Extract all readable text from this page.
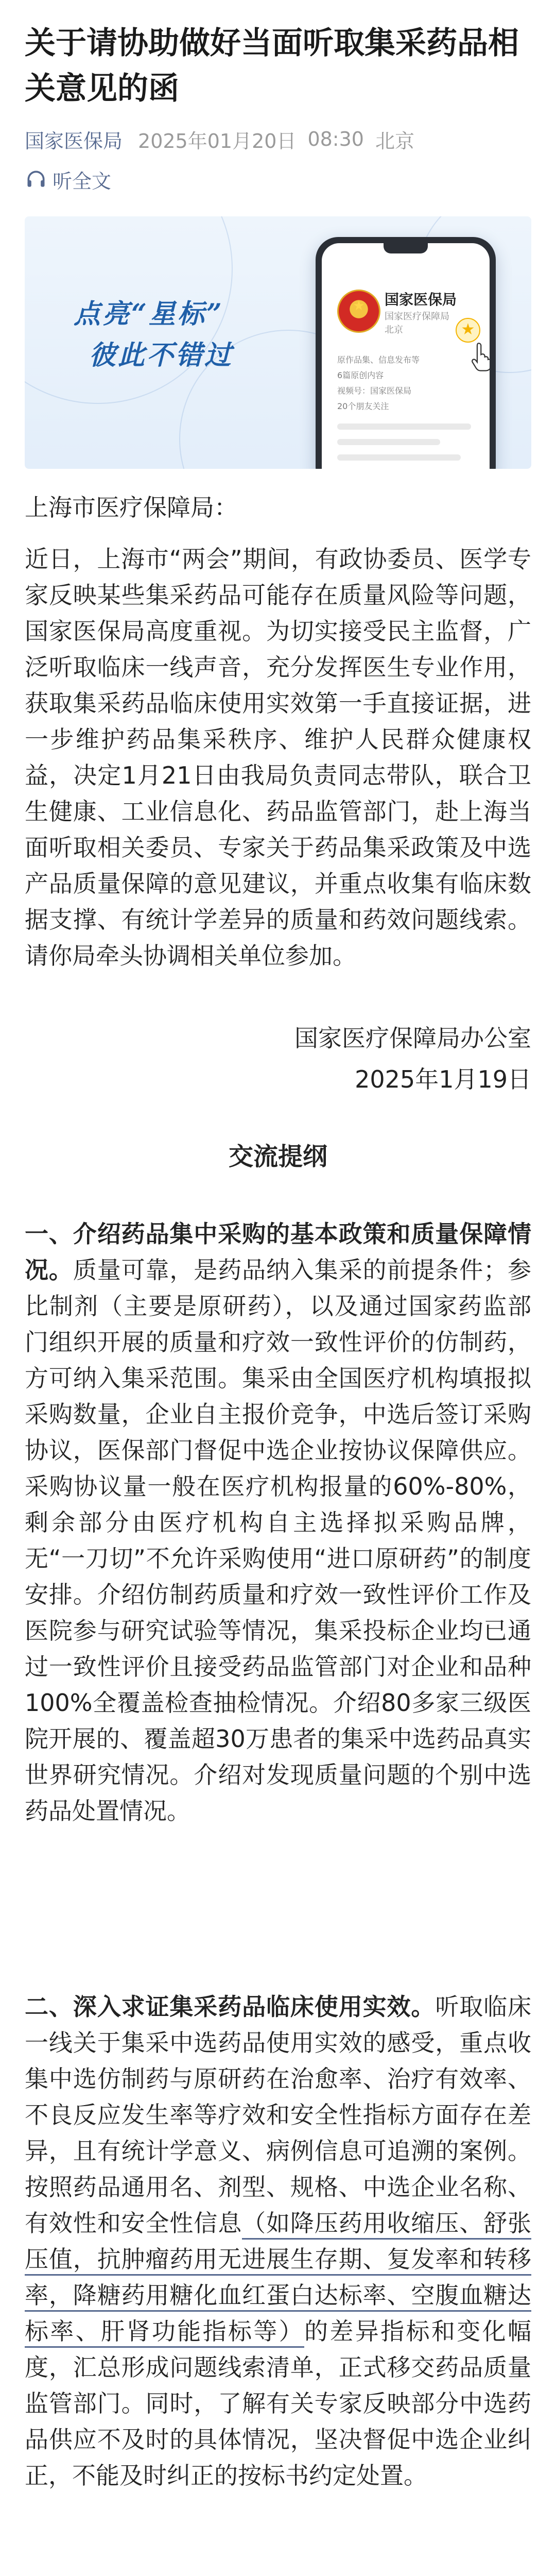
关于请协助做好当面听取集采药品相关意见的函
国家医保局 2025年01月20日 08:30 北京
听全文
点亮“星标”
彼此不错过
★	国家医保局
国家医疗保障局
北京	★
原作品集、信息发布等
6篇原创内容
视频号：国家医保局
20个朋友关注
上海市医疗保障局：

近日，上海市“两会”期间，有政协委员、医学专家反映某些集采药品可能存在质量风险等问题，国家医保局高度重视。为切实接受民主监督，广泛听取临床一线声音，充分发挥医生专业作用，获取集采药品临床使用实效第一手直接证据，进一步维护药品集采秩序、维护人民群众健康权益，决定1月21日由我局负责同志带队，联合卫生健康、工业信息化、药品监管部门，赴上海当面听取相关委员、专家关于药品集采政策及中选产品质量保障的意见建议，并重点收集有临床数据支撑、有统计学差异的质量和药效问题线索。请你局牵头协调相关单位参加。

国家医疗保障局办公室
2025年1月19日
交流提纲

一、介绍药品集中采购的基本政策和质量保障情况。质量可靠，是药品纳入集采的前提条件；参比制剂（主要是原研药），以及通过国家药监部门组织开展的质量和疗效一致性评价的仿制药，方可纳入集采范围。集采由全国医疗机构填报拟采购数量，企业自主报价竞争，中选后签订采购协议，医保部门督促中选企业按协议保障供应。采购协议量一般在医疗机构报量的60%-80%，剩余部分由医疗机构自主选择拟采购品牌，无“一刀切”不允许采购使用“进口原研药”的制度安排。介绍仿制药质量和疗效一致性评价工作及医院参与研究试验等情况，集采投标企业均已通过一致性评价且接受药品监管部门对企业和品种100%全覆盖检查抽检情况。介绍80多家三级医院开展的、覆盖超30万患者的集采中选药品真实世界研究情况。介绍对发现质量问题的个别中选药品处置情况。

二、深入求证集采药品临床使用实效。听取临床一线关于集采中选药品使用实效的感受，重点收集中选仿制药与原研药在治愈率、治疗有效率、不良反应发生率等疗效和安全性指标方面存在差异，且有统计学意义、病例信息可追溯的案例。按照药品通用名、剂型、规格、中选企业名称、有效性和安全性信息（如降压药用收缩压、舒张压值，抗肿瘤药用无进展生存期、复发率和转移率，降糖药用糖化血红蛋白达标率、空腹血糖达标率、肝肾功能指标等）的差异指标和变化幅度，汇总形成问题线索清单，正式移交药品质量监管部门。同时，了解有关专家反映部分中选药品供应不及时的具体情况，坚决督促中选企业纠正，不能及时纠正的按标书约定处置。
